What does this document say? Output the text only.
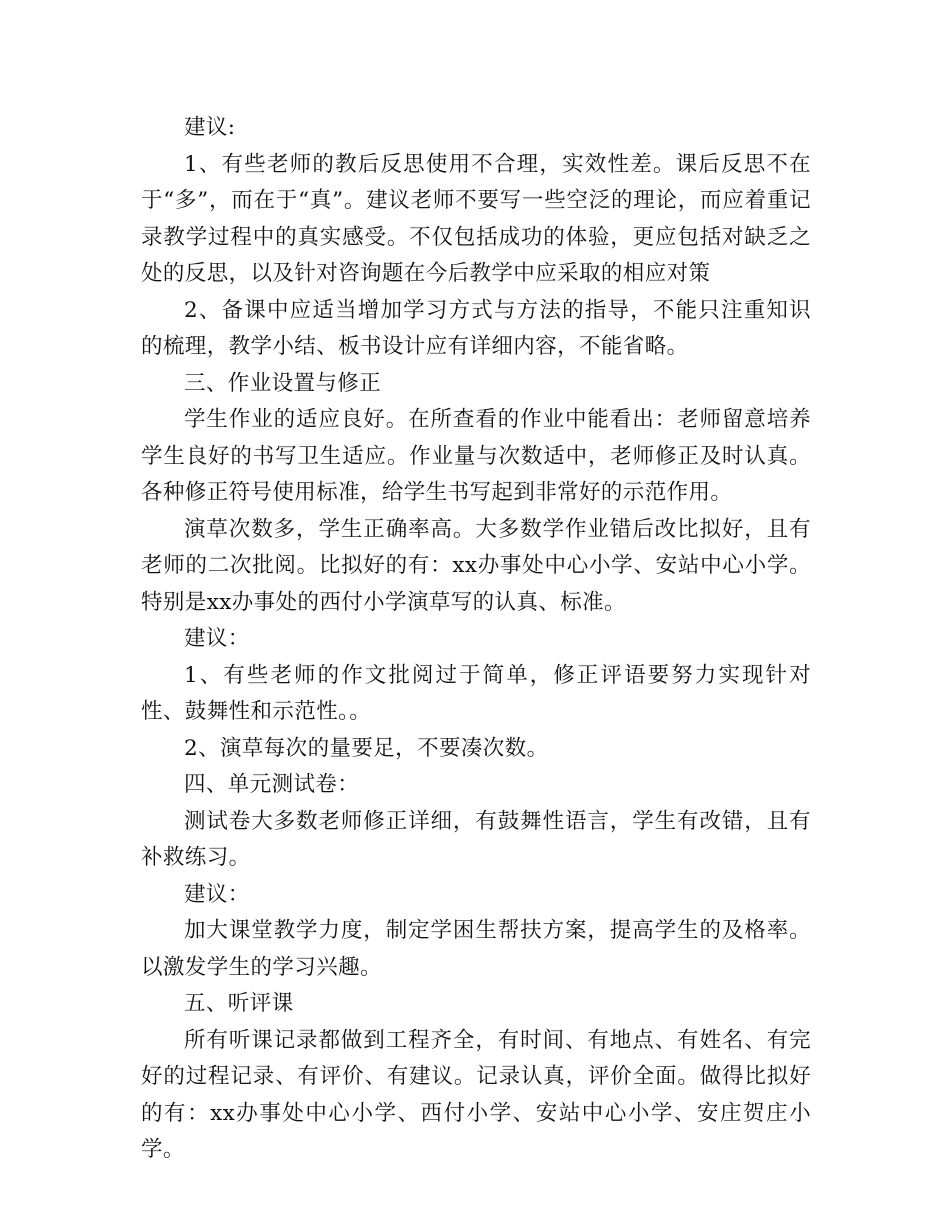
建议:

1、有些老师的教后反思使用不合理，实效性差。课后反思不在于“多”，而在于“真”。建议老师不要写一些空泛的理论，而应着重记录教学过程中的真实感受。不仅包括成功的体验，更应包括对缺乏之处的反思，以及针对咨询题在今后教学中应采取的相应对策

2、备课中应适当增加学习方式与方法的指导，不能只注重知识的梳理，教学小结、板书设计应有详细内容，不能省略。

三、作业设置与修正

学生作业的适应良好。在所查看的作业中能看出：老师留意培养学生良好的书写卫生适应。作业量与次数适中，老师修正及时认真。各种修正符号使用标准，给学生书写起到非常好的示范作用。

演草次数多，学生正确率高。大多数学作业错后改比拟好，且有老师的二次批阅。比拟好的有：xx办事处中心小学、安站中心小学。特别是xx办事处的西付小学演草写的认真、标准。

建议：

1、有些老师的作文批阅过于简单，修正评语要努力实现针对性、鼓舞性和示范性。。

2、演草每次的量要足，不要凑次数。

四、单元测试卷：

测试卷大多数老师修正详细，有鼓舞性语言，学生有改错，且有补救练习。

建议：

加大课堂教学力度，制定学困生帮扶方案，提高学生的及格率。以激发学生的学习兴趣。

五、听评课

所有听课记录都做到工程齐全，有时间、有地点、有姓名、有完好的过程记录、有评价、有建议。记录认真，评价全面。做得比拟好的有：xx办事处中心小学、西付小学、安站中心小学、安庄贺庄小学。
